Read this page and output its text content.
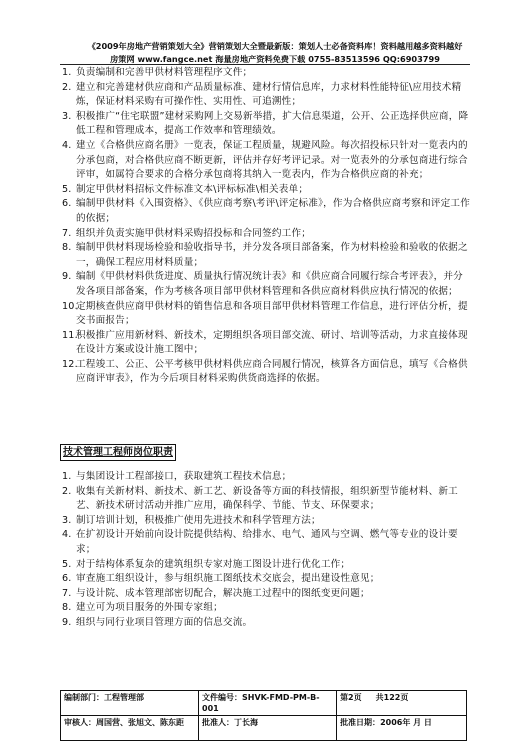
《2009年房地产营销策划大全》营销策划大全暨最新版：策划人士必备资料库！资料越用越多资料越好
房策网 www.fangce.net 海量房地产资料免费下载 0755-83513596 QQ:6903799
1. 负责编制和完善甲供材料管理程序文件；
2. 建立和完善建材供应商和产品质量标准、建材行情信息库，力求材料性能特征\应用技术精炼，保证材料采购有可操作性、实用性、可追溯性；
3. 积极推广“住宅联盟”建材采购网上交易新举措，扩大信息渠道，公开、公正选择供应商，降低工程和管理成本，提高工作效率和管理绩效。
4. 建立《合格供应商名册》一览表，保证工程质量，规避风险。每次招投标只针对一览表内的分承包商，对合格供应商不断更新，评估并存好考评记录。对一览表外的分承包商进行综合评审，如属符合要求的合格分承包商将其纳入一览表内，作为合格供应商的补充；
5. 制定甲供材料招标文件标准文本\评标标准\相关表单；
6. 编制甲供材料《入围资格》、《供应商考察\考评\评定标准》，作为合格供应商考察和评定工作的依据；
7. 组织并负责实施甲供材料采购招投标和合同签约工作；
8. 编制甲供材料现场检验和验收指导书，并分发各项目部备案，作为材料检验和验收的依据之一，确保工程应用材料质量；
9. 编制《甲供材料供货进度、质量执行情况统计表》和《供应商合同履行综合考评表》，并分发各项目部备案，作为考核各项目部甲供材料管理和各供应商材料供应执行情况的依据；
10.
定期核查供应商甲供材料的销售信息和各项目部甲供材料管理工作信息，进行评估分析，提交书面报告；
11.
积极推广应用新材料、新技术，定期组织各项目部交流、研讨、培训等活动，力求直接体现在设计方案或设计施工图中；
12.
工程竣工、公正、公平考核甲供材料供应商合同履行情况，核算各方面信息，填写《合格供应商评审表》，作为今后项目材料采购供货商选择的依据。
技术管理工程师岗位职责
1. 与集团设计工程部接口，获取建筑工程技术信息；
2. 收集有关新材料、新技术、新工艺、新设备等方面的科技情报，组织新型节能材料、新工艺、新技术研讨活动并推广应用，确保科学、节能、节支、环保要求；
3. 制订培训计划，积极推广使用先进技术和科学管理方法；
4. 在扩初设计开始前向设计院提供结构、给排水、电气、通风与空调、燃气等专业的设计要求；
5. 对于结构体系复杂的建筑组织专家对施工图设计进行优化工作；
6. 审查施工组织设计，参与组织施工图纸技术交底会，提出建设性意见；
7. 与设计院、成本管理部密切配合，解决施工过程中的图纸变更问题；
8. 建立可为项目服务的外围专家组；
9. 组织与同行业项目管理方面的信息交流。
编制部门：工程管理部	文件编号：SHVK-FMD-PM-B-001	第2页 共122页
审核人：周国营、张旭文、陈东距	批准人：丁长海	批准日期：2006年 月 日
